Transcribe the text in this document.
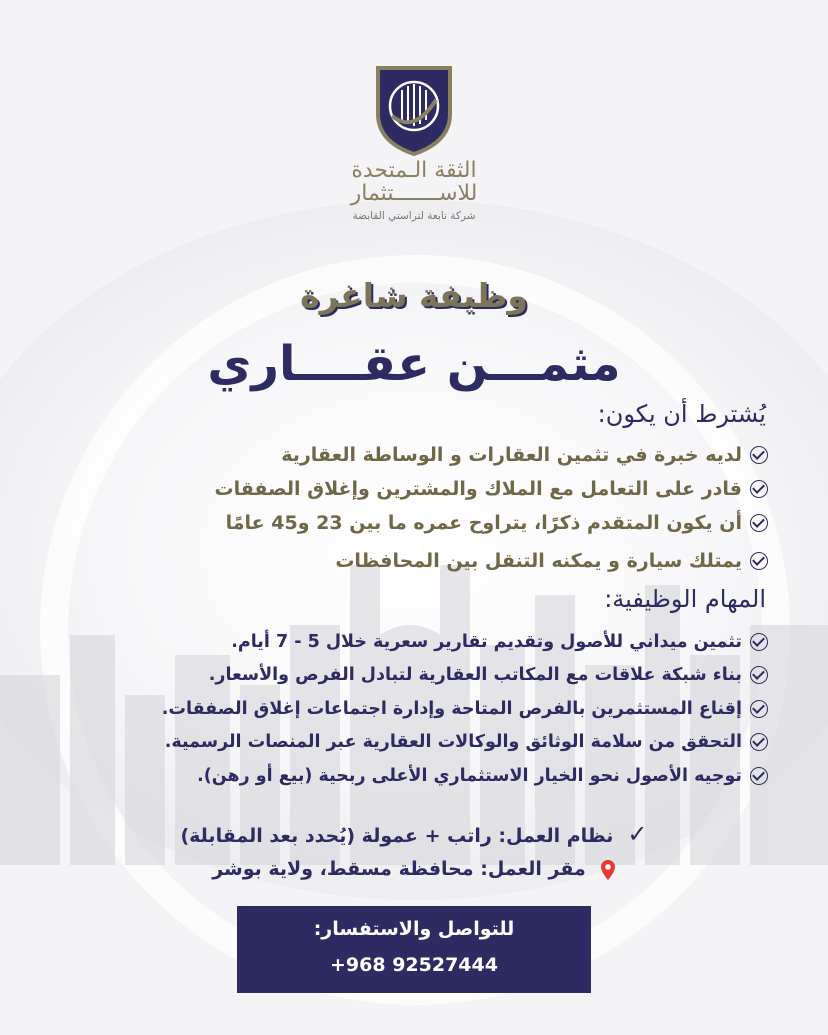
الثقة الـمتحدة
للاســـــــتثمار
شركة تابعة لتراستي القابضة
وظيفة شاغرة
مثمـــن عقــــاري
يُشترط أن يكون:
لديه خبرة في تثمين العقارات و الوساطة العقارية
قادر على التعامل مع الملاك والمشترين وإغلاق الصفقات
أن يكون المتقدم ذكرًا، يتراوح عمره ما بين 23 و45 عامًا
يمتلك سيارة و يمكنه التنقل بين المحافظات
المهام الوظيفية:
تثمين ميداني للأصول وتقديم تقارير سعرية خلال 5 - 7 أيام.
بناء شبكة علاقات مع المكاتب العقارية لتبادل الفرص والأسعار.
إقناع المستثمرين بالفرص المتاحة وإدارة اجتماعات إغلاق الصفقات.
التحقق من سلامة الوثائق والوكالات العقارية عبر المنصات الرسمية.
توجيه الأصول نحو الخيار الاستثماري الأعلى ربحية (بيع أو رهن).
✓نظام العمل: راتب + عمولة (يُحدد بعد المقابلة)
مقر العمل: محافظة مسقط، ولاية بوشر
للتواصل والاستفسار:
+968 92527444
